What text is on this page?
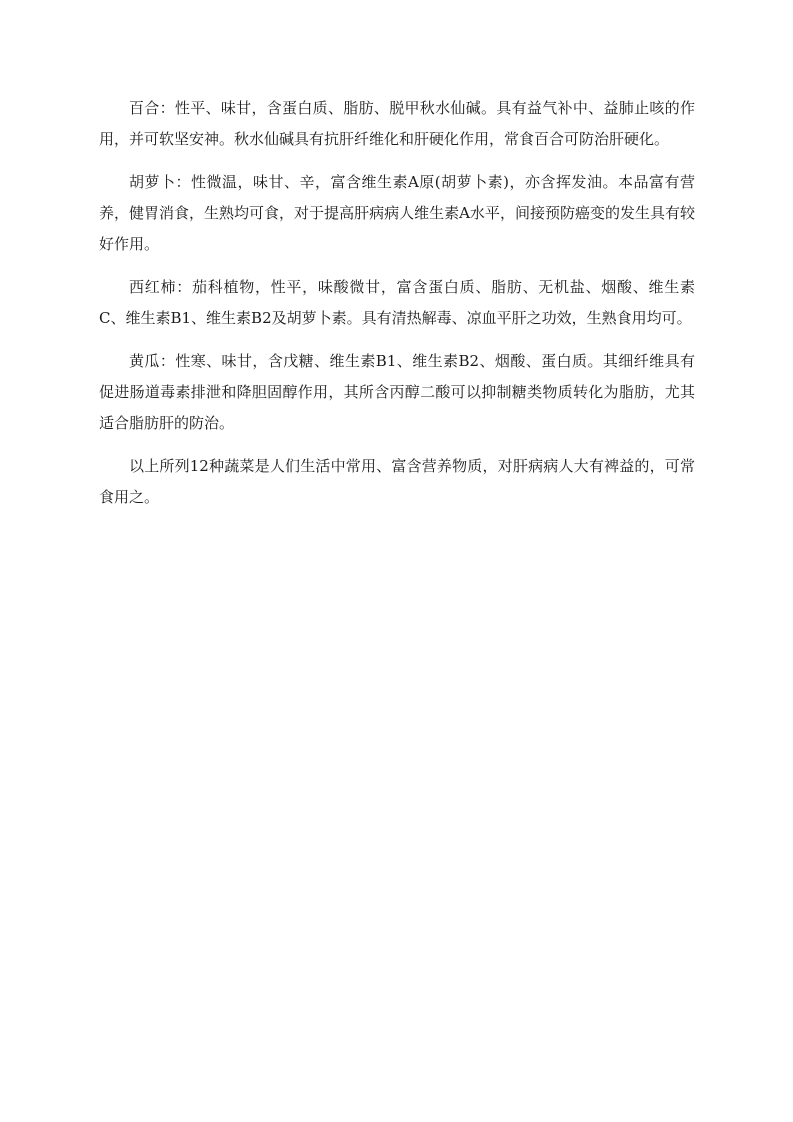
百合：性平、味甘，含蛋白质、脂肪、脱甲秋水仙碱。具有益气补中、益肺止咳的作用，并可软坚安神。秋水仙碱具有抗肝纤维化和肝硬化作用，常食百合可防治肝硬化。

胡萝卜：性微温，味甘、辛，富含维生素A原(胡萝卜素)，亦含挥发油。本品富有营养，健胃消食，生熟均可食，对于提高肝病病人维生素A水平，间接预防癌变的发生具有较好作用。

西红柿：茄科植物，性平，味酸微甘，富含蛋白质、脂肪、无机盐、烟酸、维生素C、维生素B1、维生素B2及胡萝卜素。具有清热解毒、凉血平肝之功效，生熟食用均可。

黄瓜：性寒、味甘，含戊糖、维生素B1、维生素B2、烟酸、蛋白质。其细纤维具有促进肠道毒素排泄和降胆固醇作用，其所含丙醇二酸可以抑制糖类物质转化为脂肪，尤其适合脂肪肝的防治。

以上所列12种蔬菜是人们生活中常用、富含营养物质，对肝病病人大有裨益的，可常食用之。
